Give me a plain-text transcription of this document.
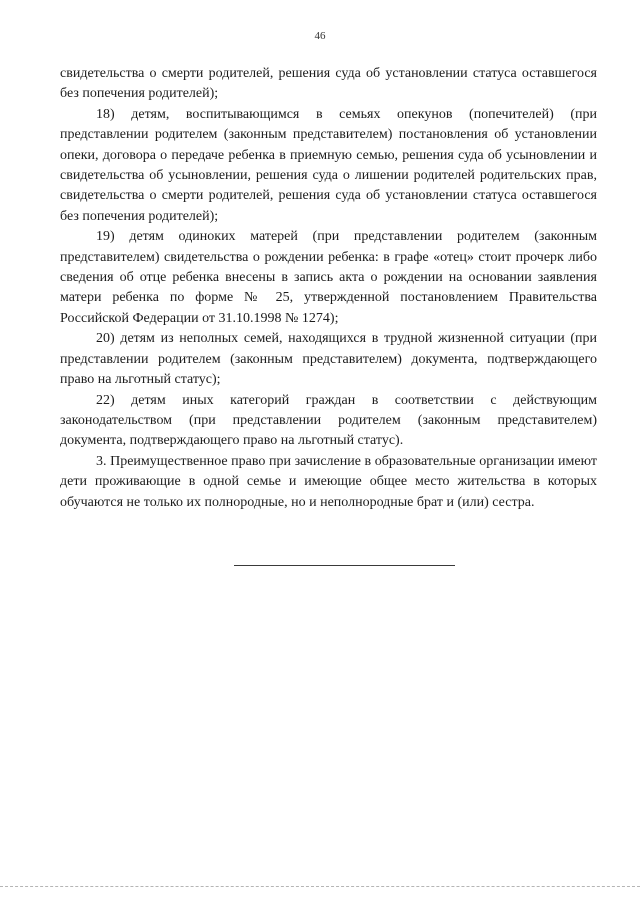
46

свидетельства о смерти родителей, решения суда об установлении статуса оставшегося без попечения родителей);

18) детям, воспитывающимся в семьях опекунов (попечителей) (при представлении родителем (законным представителем) постановления об установлении опеки, договора о передаче ребенка в приемную семью, решения суда об усыновлении и свидетельства об усыновлении, решения суда о лишении родителей родительских прав, свидетельства о смерти родителей, решения суда об установлении статуса оставшегося без попечения родителей);

19) детям одиноких матерей (при представлении родителем (законным представителем) свидетельства о рождении ребенка: в графе «отец» стоит прочерк либо сведения об отце ребенка внесены в запись акта о рождении на основании заявления матери ребенка по форме № 25, утвержденной постановлением Правительства Российской Федерации от 31.10.1998 № 1274);

20) детям из неполных семей, находящихся в трудной жизненной ситуации (при представлении родителем (законным представителем) документа, подтверждающего право на льготный статус);

22) детям иных категорий граждан в соответствии с действующим законодательством (при представлении родителем (законным представителем) документа, подтверждающего право на льготный статус).

3. Преимущественное право при зачисление в образовательные организации имеют дети проживающие в одной семье и имеющие общее место жительства в которых обучаются не только их полнородные, но и неполнородные брат и (или) сестра.
